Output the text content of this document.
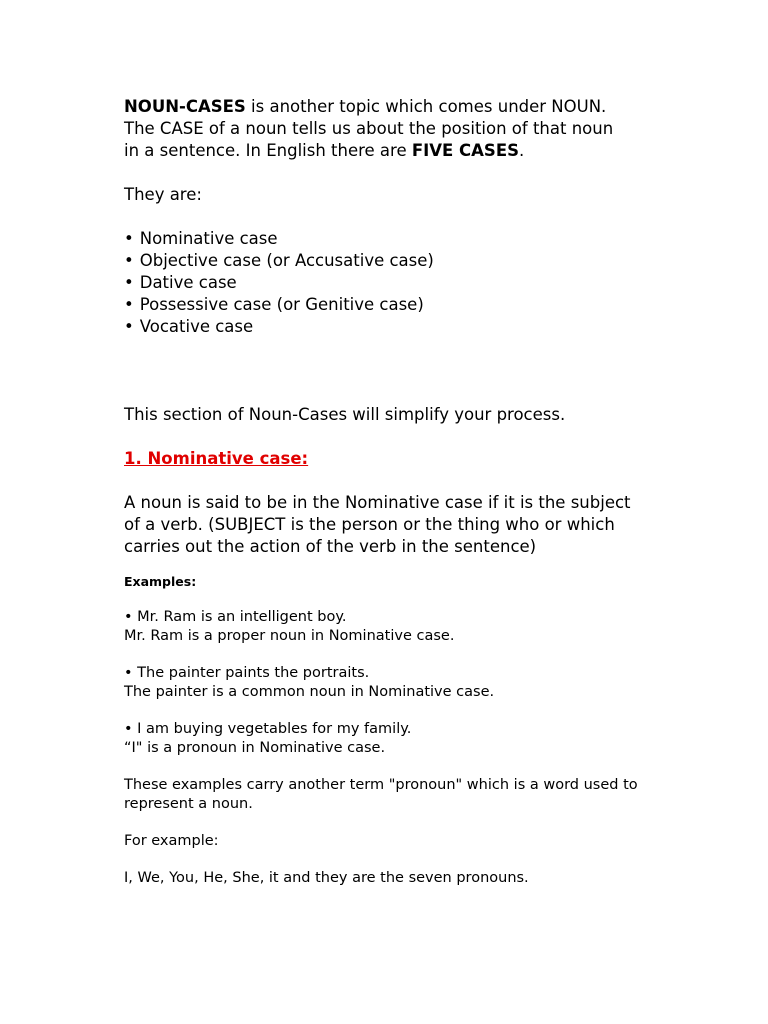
NOUN-CASES is another topic which comes under NOUN.

The CASE of a noun tells us about the position of that noun

in a sentence. In English there are FIVE CASES.

They are:

• Nominative case
• Objective case (or Accusative case)
• Dative case
• Possessive case (or Genitive case)
• Vocative case

This section of Noun-Cases will simplify your process.

1. Nominative case:

A noun is said to be in the Nominative case if it is the subject

of a verb. (SUBJECT is the person or the thing who or which

carries out the action of the verb in the sentence)

Examples:

• Mr. Ram is an intelligent boy.

Mr. Ram is a proper noun in Nominative case.

• The painter paints the portraits.

The painter is a common noun in Nominative case.

• I am buying vegetables for my family.

“I" is a pronoun in Nominative case.

These examples carry another term "pronoun" which is a word used to

represent a noun.

For example:

I, We, You, He, She, it and they are the seven pronouns.
